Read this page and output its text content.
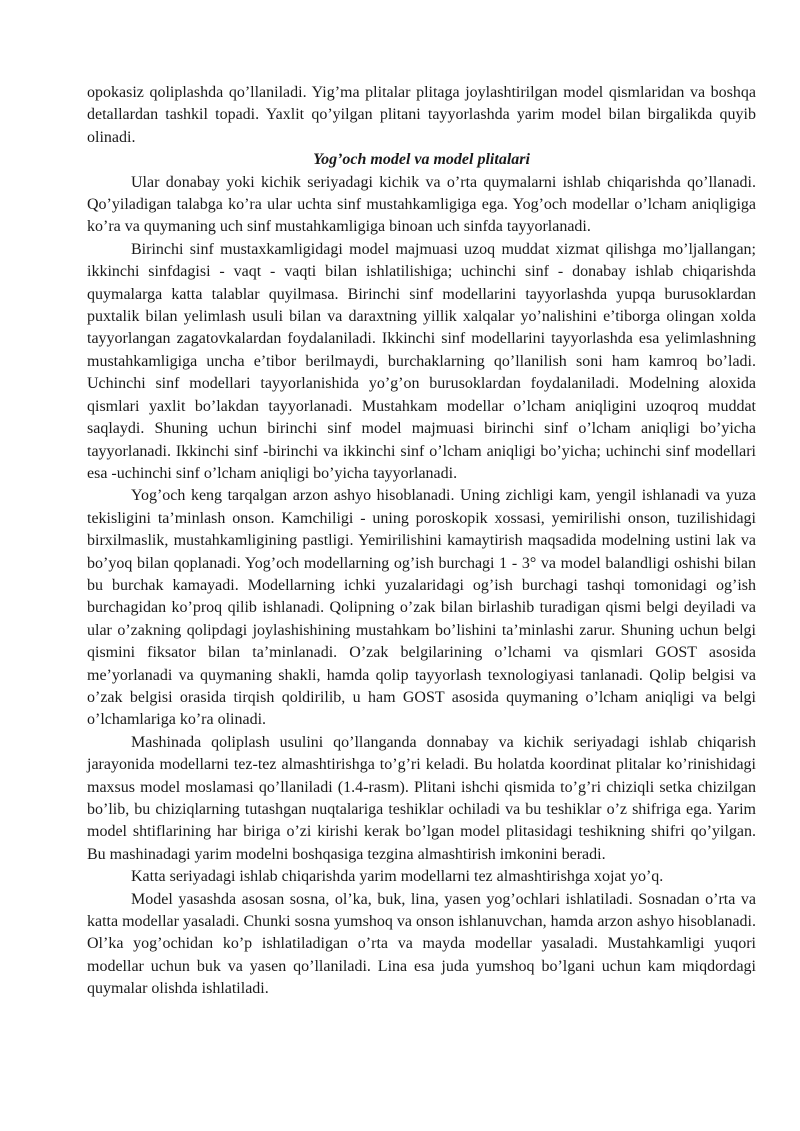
opokasiz qoliplashda qo’llaniladi. Yig’ma plitalar plitaga joylashtirilgan model qismlaridan va boshqa detallardan tashkil topadi. Yaxlit qo’yilgan plitani tayyorlashda yarim model bilan birgalikda quyib olinadi.

Yog’och model va model plitalari

Ular donabay yoki kichik seriyadagi kichik va o’rta quymalarni ishlab chiqarishda qo’llanadi. Qo’yiladigan talabga ko’ra ular uchta sinf mustahkamligiga ega. Yog’och modellar o’lcham aniqligiga ko’ra va quymaning uch sinf mustahkamligiga binoan uch sinfda tayyorlanadi.

Birinchi sinf mustaxkamligidagi model majmuasi uzoq muddat xizmat qilishga mo’ljallangan; ikkinchi sinfdagisi - vaqt - vaqti bilan ishlatilishiga; uchinchi sinf - donabay ishlab chiqarishda quymalarga katta talablar quyilmasa. Birinchi sinf modellarini tayyorlashda yupqa burusoklardan puxtalik bilan yelimlash usuli bilan va daraxtning yillik xalqalar yo’nalishini e’tiborga olingan xolda tayyorlangan zagatovkalardan foydalaniladi. Ikkinchi sinf modellarini tayyorlashda esa yelimlashning mustahkamligiga uncha e’tibor berilmaydi, burchaklarning qo’llanilish soni ham kamroq bo’ladi. Uchinchi sinf modellari tayyorlanishida yo’g’on burusoklardan foydalaniladi. Modelning aloxida qismlari yaxlit bo’lakdan tayyorlanadi. Mustahkam modellar o’lcham aniqligini uzoqroq muddat saqlaydi. Shuning uchun birinchi sinf model majmuasi birinchi sinf o’lcham aniqligi bo’yicha tayyorlanadi. Ikkinchi sinf -birinchi va ikkinchi sinf o’lcham aniqligi bo’yicha; uchinchi sinf modellari esa -uchinchi sinf o’lcham aniqligi bo’yicha tayyorlanadi.

Yog’och keng tarqalgan arzon ashyo hisoblanadi. Uning zichligi kam, yengil ishlanadi va yuza tekisligini ta’minlash onson. Kamchiligi - uning poroskopik xossasi, yemirilishi onson, tuzilishidagi birxilmaslik, mustahkamligining pastligi. Yemirilishini kamaytirish maqsadida modelning ustini lak va bo’yoq bilan qoplanadi. Yog’och modellarning og’ish burchagi 1 - 3° va model balandligi oshishi bilan bu burchak kamayadi. Modellarning ichki yuzalaridagi og’ish burchagi tashqi tomonidagi og’ish burchagidan ko’proq qilib ishlanadi. Qolipning o’zak bilan birlashib turadigan qismi belgi deyiladi va ular o’zakning qolipdagi joylashishining mustahkam bo’lishini ta’minlashi zarur. Shuning uchun belgi qismini fiksator bilan ta’minlanadi. O’zak belgilarining o’lchami va qismlari GOST asosida me’yorlanadi va quymaning shakli, hamda qolip tayyorlash texnologiyasi tanlanadi. Qolip belgisi va o’zak belgisi orasida tirqish qoldirilib, u ham GOST asosida quymaning o’lcham aniqligi va belgi o’lchamlariga ko’ra olinadi.

Mashinada qoliplash usulini qo’llanganda donnabay va kichik seriyadagi ishlab chiqarish jarayonida modellarni tez-tez almashtirishga to’g’ri keladi. Bu holatda koordinat plitalar ko’rinishidagi maxsus model moslamasi qo’llaniladi (1.4-rasm). Plitani ishchi qismida to’g’ri chiziqli setka chizilgan bo’lib, bu chiziqlarning tutashgan nuqtalariga teshiklar ochiladi va bu teshiklar o’z shifriga ega. Yarim model shtiflarining har biriga o’zi kirishi kerak bo’lgan model plitasidagi teshikning shifri qo’yilgan. Bu mashinadagi yarim modelni boshqasiga tezgina almashtirish imkonini beradi.

Katta seriyadagi ishlab chiqarishda yarim modellarni tez almashtirishga xojat yo’q.

Model yasashda asosan sosna, ol’ka, buk, lina, yasen yog’ochlari ishlatiladi. Sosnadan o’rta va katta modellar yasaladi. Chunki sosna yumshoq va onson ishlanuvchan, hamda arzon ashyo hisoblanadi. Ol’ka yog’ochidan ko’p ishlatiladigan o’rta va mayda modellar yasaladi. Mustahkamligi yuqori modellar uchun buk va yasen qo’llaniladi. Lina esa juda yumshoq bo’lgani uchun kam miqdordagi quymalar olishda ishlatiladi.
